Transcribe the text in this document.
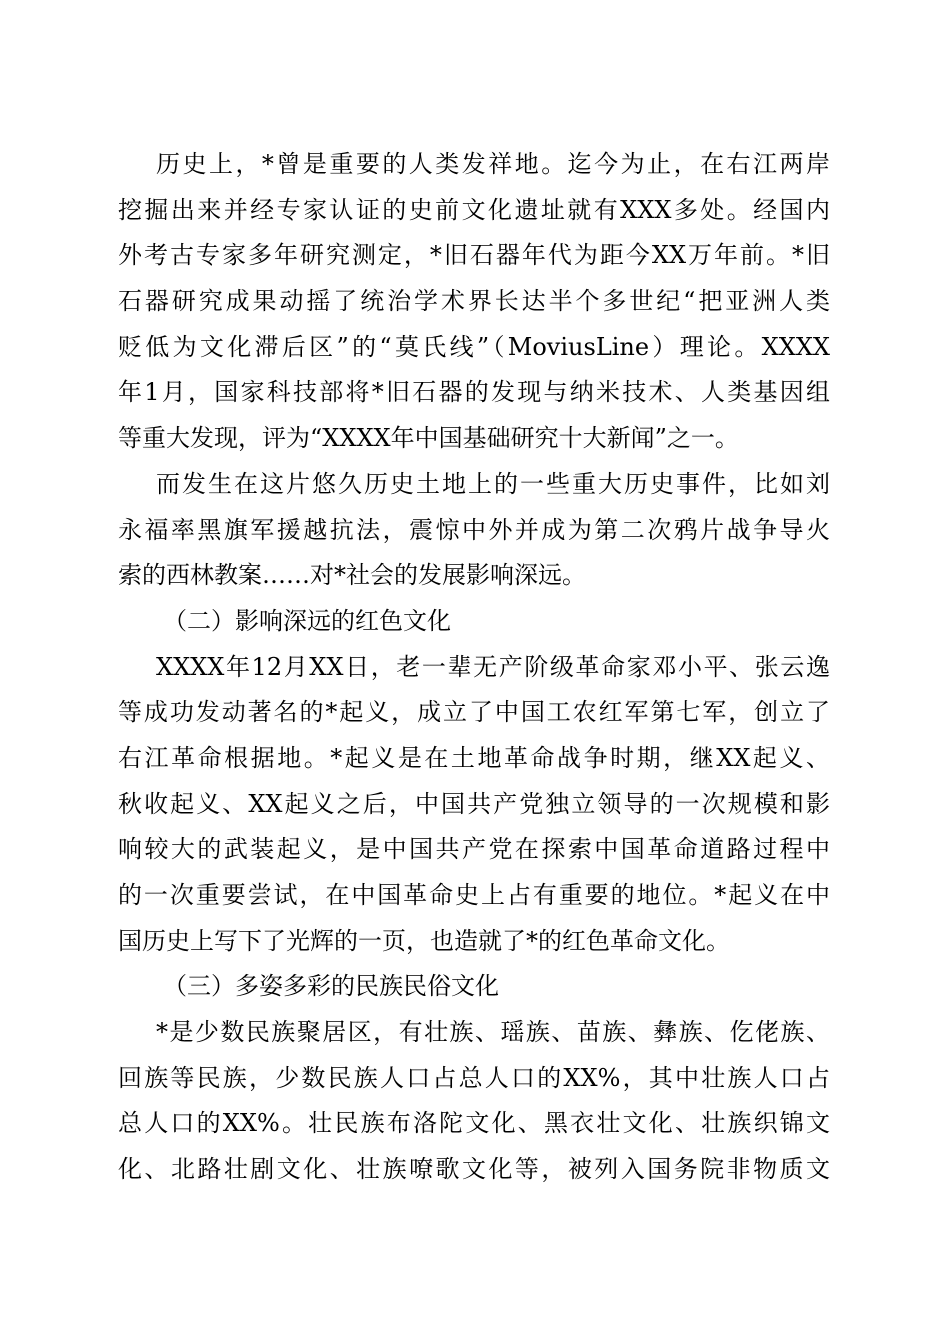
历史上，*曾是重要的人类发祥地。迄今为止，在右江两岸
挖掘出来并经专家认证的史前文化遗址就有XXX多处。经国内
外考古专家多年研究测定，*旧石器年代为距今XX万年前。*旧
石器研究成果动摇了统治学术界长达半个多世纪“把亚洲人类
贬低为文化滞后区”的“莫氏线”（MoviusLine）理论。XXXX
年1月，国家科技部将*旧石器的发现与纳米技术、人类基因组
等重大发现，评为“XXXX年中国基础研究十大新闻”之一。
而发生在这片悠久历史土地上的一些重大历史事件，比如刘
永福率黑旗军援越抗法，震惊中外并成为第二次鸦片战争导火
索的西林教案……对*社会的发展影响深远。
（二）影响深远的红色文化
XXXX年12月XX日，老一辈无产阶级革命家邓小平、张云逸
等成功发动著名的*起义，成立了中国工农红军第七军，创立了
右江革命根据地。*起义是在土地革命战争时期，继XX起义、
秋收起义、XX起义之后，中国共产党独立领导的一次规模和影
响较大的武装起义，是中国共产党在探索中国革命道路过程中
的一次重要尝试，在中国革命史上占有重要的地位。*起义在中
国历史上写下了光辉的一页，也造就了*的红色革命文化。
（三）多姿多彩的民族民俗文化
*是少数民族聚居区，有壮族、瑶族、苗族、彝族、仡佬族、
回族等民族，少数民族人口占总人口的XX%，其中壮族人口占
总人口的XX%。壮民族布洛陀文化、黑衣壮文化、壮族织锦文
化、北路壮剧文化、壮族嘹歌文化等，被列入国务院非物质文
